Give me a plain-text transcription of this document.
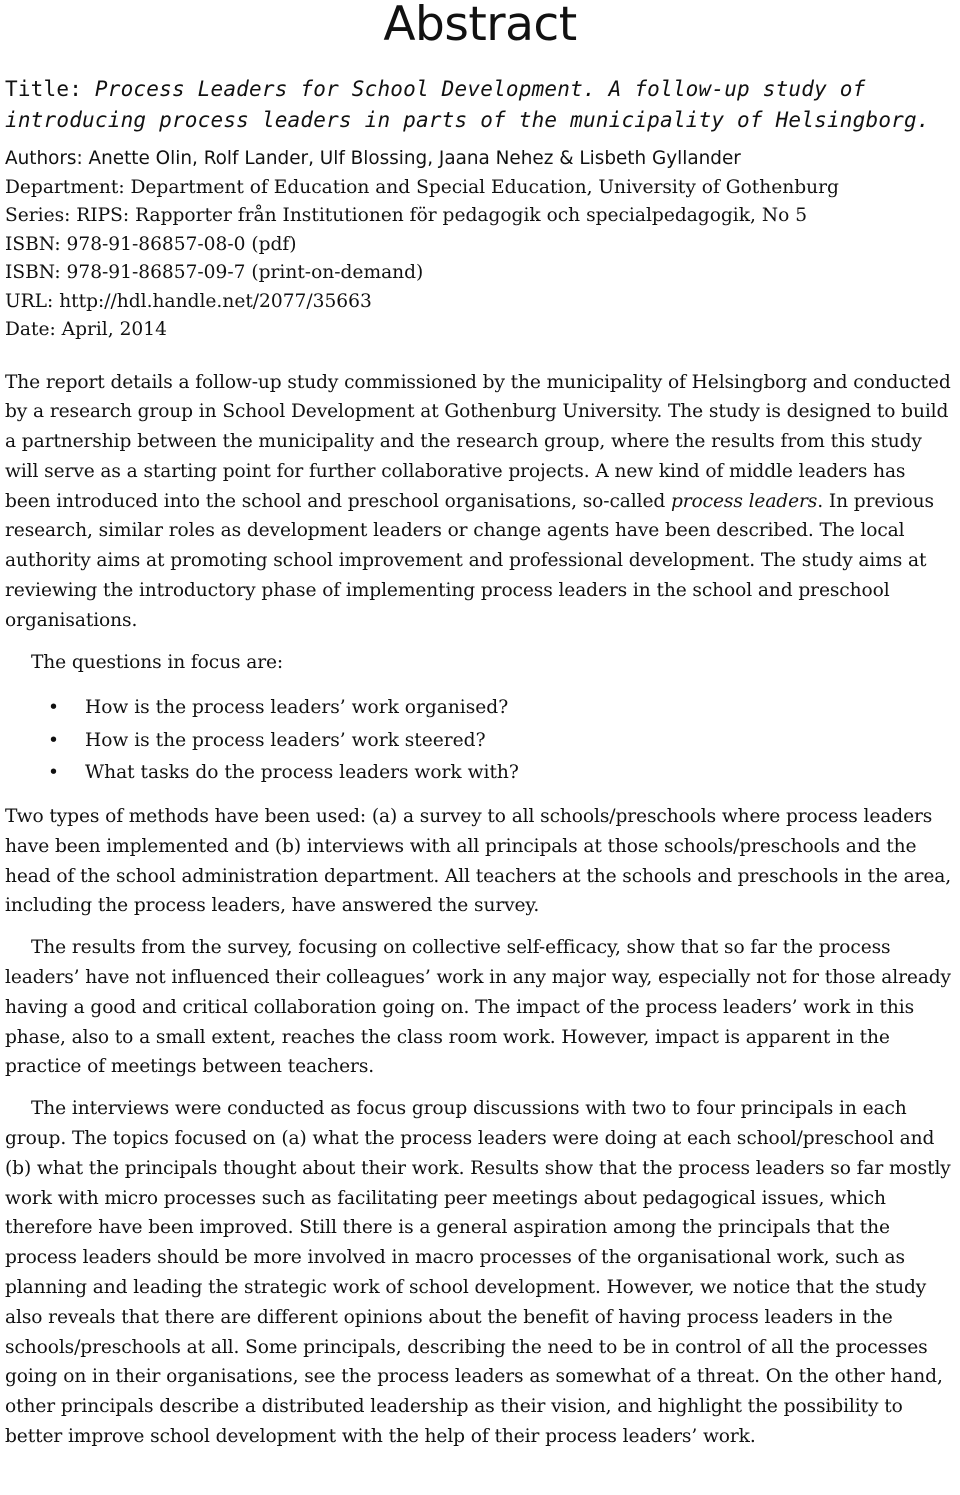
Abstract
Title: Process Leaders for School Development. A follow-up study of
introducing process leaders in parts of the municipality of Helsingborg.
Authors: Anette Olin, Rolf Lander, Ulf Blossing, Jaana Nehez & Lisbeth Gyllander
Department: Department of Education and Special Education, University of Gothenburg
Series: RIPS: Rapporter från Institutionen för pedagogik och specialpedagogik, No 5
ISBN: 978-91-86857-08-0 (pdf)
ISBN: 978-91-86857-09-7 (print-on-demand)
URL: http://hdl.handle.net/2077/35663
Date: April, 2014

The report details a follow-up study commissioned by the municipality of Helsingborg and conducted by a research group in School Development at Gothenburg University. The study is designed to build a partnership between the municipality and the research group, where the results from this study will serve as a starting point for further collaborative projects. A new kind of middle leaders has been introduced into the school and preschool organisations, so-called process leaders. In previous research, similar roles as development leaders or change agents have been described. The local authority aims at promoting school improvement and professional development. The study aims at reviewing the introductory phase of implementing process leaders in the school and preschool organisations.

The questions in focus are:

• How is the process leaders’ work organised?
• How is the process leaders’ work steered?
• What tasks do the process leaders work with?

Two types of methods have been used: (a) a survey to all schools/preschools where process leaders have been implemented and (b) interviews with all principals at those schools/preschools and the head of the school administration department. All teachers at the schools and preschools in the area, including the process leaders, have answered the survey.

The results from the survey, focusing on collective self-efficacy, show that so far the process leaders’ have not influenced their colleagues’ work in any major way, especially not for those already having a good and critical collaboration going on. The impact of the process leaders’ work in this phase, also to a small extent, reaches the class room work. However, impact is apparent in the practice of meetings between teachers.

The interviews were conducted as focus group discussions with two to four principals in each group. The topics focused on (a) what the process leaders were doing at each school/preschool and (b) what the principals thought about their work. Results show that the process leaders so far mostly work with micro processes such as facilitating peer meetings about pedagogical issues, which therefore have been improved. Still there is a general aspiration among the principals that the process leaders should be more involved in macro processes of the organisational work, such as planning and leading the strategic work of school development. However, we notice that the study also reveals that there are different opinions about the benefit of having process leaders in the schools/preschools at all. Some principals, describing the need to be in control of all the processes going on in their organisations, see the process leaders as somewhat of a threat. On the other hand, other principals describe a distributed leadership as their vision, and highlight the possibility to better improve school development with the help of their process leaders’ work.
